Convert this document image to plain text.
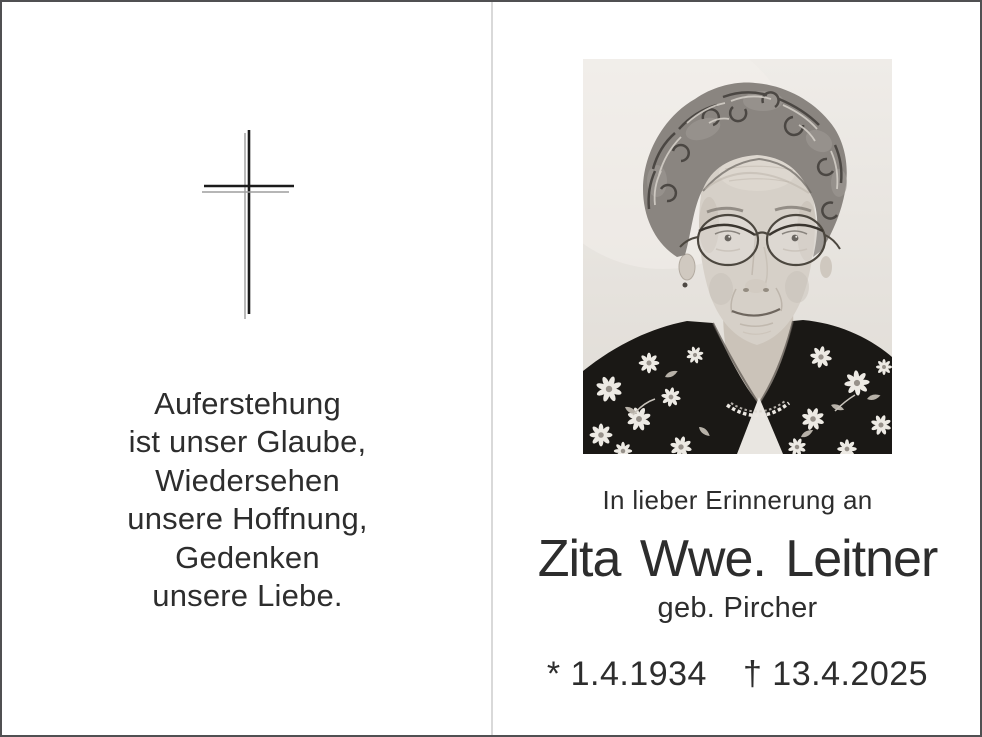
Auferstehung
ist unser Glaube,
Wiedersehen
unsere Hoffnung,
Gedenken
unsere Liebe.
In lieber Erinnerung an
Zita Wwe. Leitner
geb. Pircher
* 1.4.1934 † 13.4.2025
